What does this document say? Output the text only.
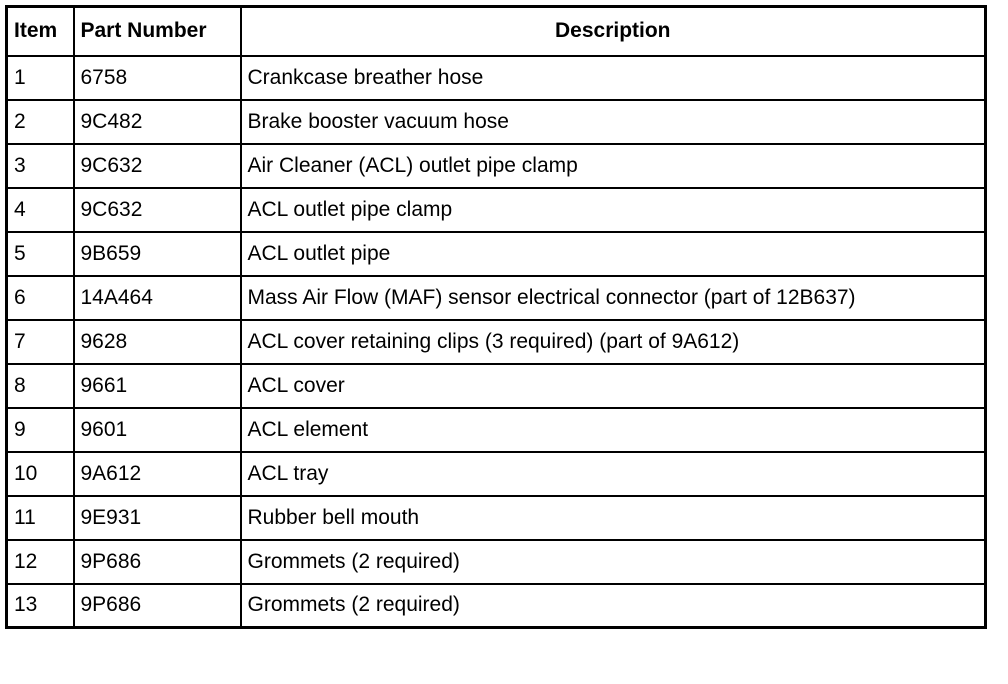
Item	Part Number	Description
1	6758	Crankcase breather hose
2	9C482	Brake booster vacuum hose
3	9C632	Air Cleaner (ACL) outlet pipe clamp
4	9C632	ACL outlet pipe clamp
5	9B659	ACL outlet pipe
6	14A464	Mass Air Flow (MAF) sensor electrical connector (part of 12B637)
7	9628	ACL cover retaining clips (3 required) (part of 9A612)
8	9661	ACL cover
9	9601	ACL element
10	9A612	ACL tray
11	9E931	Rubber bell mouth
12	9P686	Grommets (2 required)
13	9P686	Grommets (2 required)
